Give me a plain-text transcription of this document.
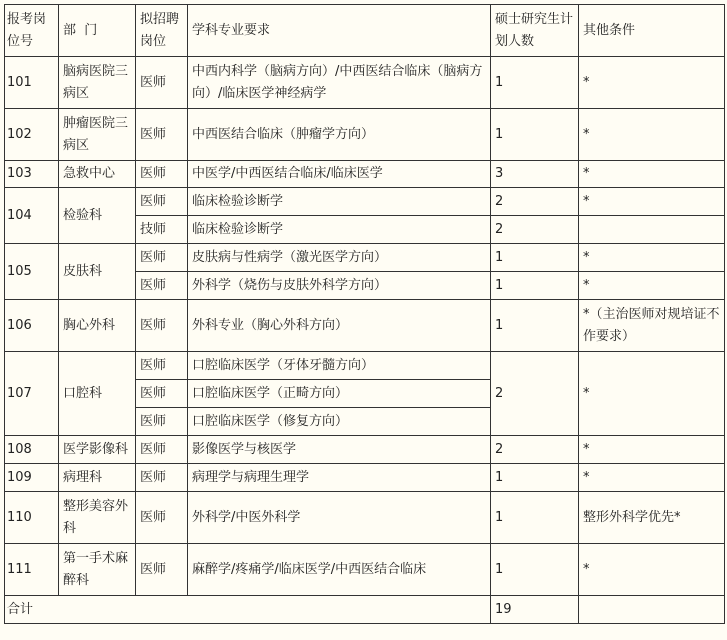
报考岗位号	部  门	拟招聘岗位	学科专业要求	硕士研究生计划人数	其他条件
101	脑病医院三病区	医师	中西内科学（脑病方向）/中西医结合临床（脑病方向）/临床医学神经病学	1	*
102	肿瘤医院三病区	医师	中西医结合临床（肿瘤学方向）	1	*
103	急救中心	医师	中医学/中西医结合临床/临床医学	3	*
104	检验科	医师	临床检验诊断学	2	*
		技师	临床检验诊断学	2	
105	皮肤科	医师	皮肤病与性病学（激光医学方向）	1	*
		医师	外科学（烧伤与皮肤外科学方向）	1	*
106	胸心外科	医师	外科专业（胸心外科方向）	1	*（主治医师对规培证不作要求）
107	口腔科	医师	口腔临床医学（牙体牙髓方向）	2	*
		医师	口腔临床医学（正畸方向）		
		医师	口腔临床医学（修复方向）		
108	医学影像科	医师	影像医学与核医学	2	*
109	病理科	医师	病理学与病理生理学	1	*
110	整形美容外科	医师	外科学/中医外科学	1	整形外科学优先*
111	第一手术麻醉科	医师	麻醉学/疼痛学/临床医学/中西医结合临床	1	*
合计				19	
